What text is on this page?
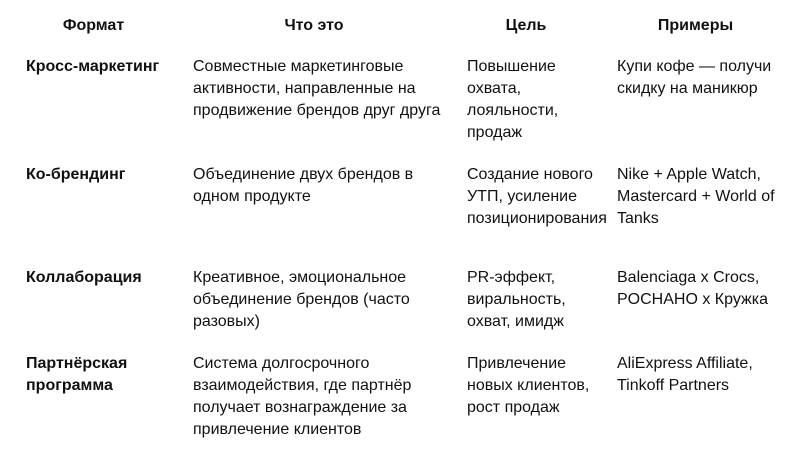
Формат	Что это	Цель	Примеры
Кросс-маркетинг	Совместные маркетинговые активности, направленные на продвижение брендов друг друга	Повышение охвата, лояльности, продаж	Купи кофе — получи скидку на маникюр
Ко-брендинг	Объединение двух брендов в одном продукте	Создание нового УТП, усиление позиционирования	Nike + Apple Watch, Mastercard + World of Tanks
Коллаборация	Креативное, эмоциональное объединение брендов (часто разовых)	PR-эффект, виральность, охват, имидж	Balenciaga x Crocs, POCHAHO x Кружка
Партнёрская программа	Система долгосрочного взаимодействия, где партнёр получает вознаграждение за привлечение клиентов	Привлечение новых клиентов, рост продаж	AliExpress Affiliate, Tinkoff Partners
